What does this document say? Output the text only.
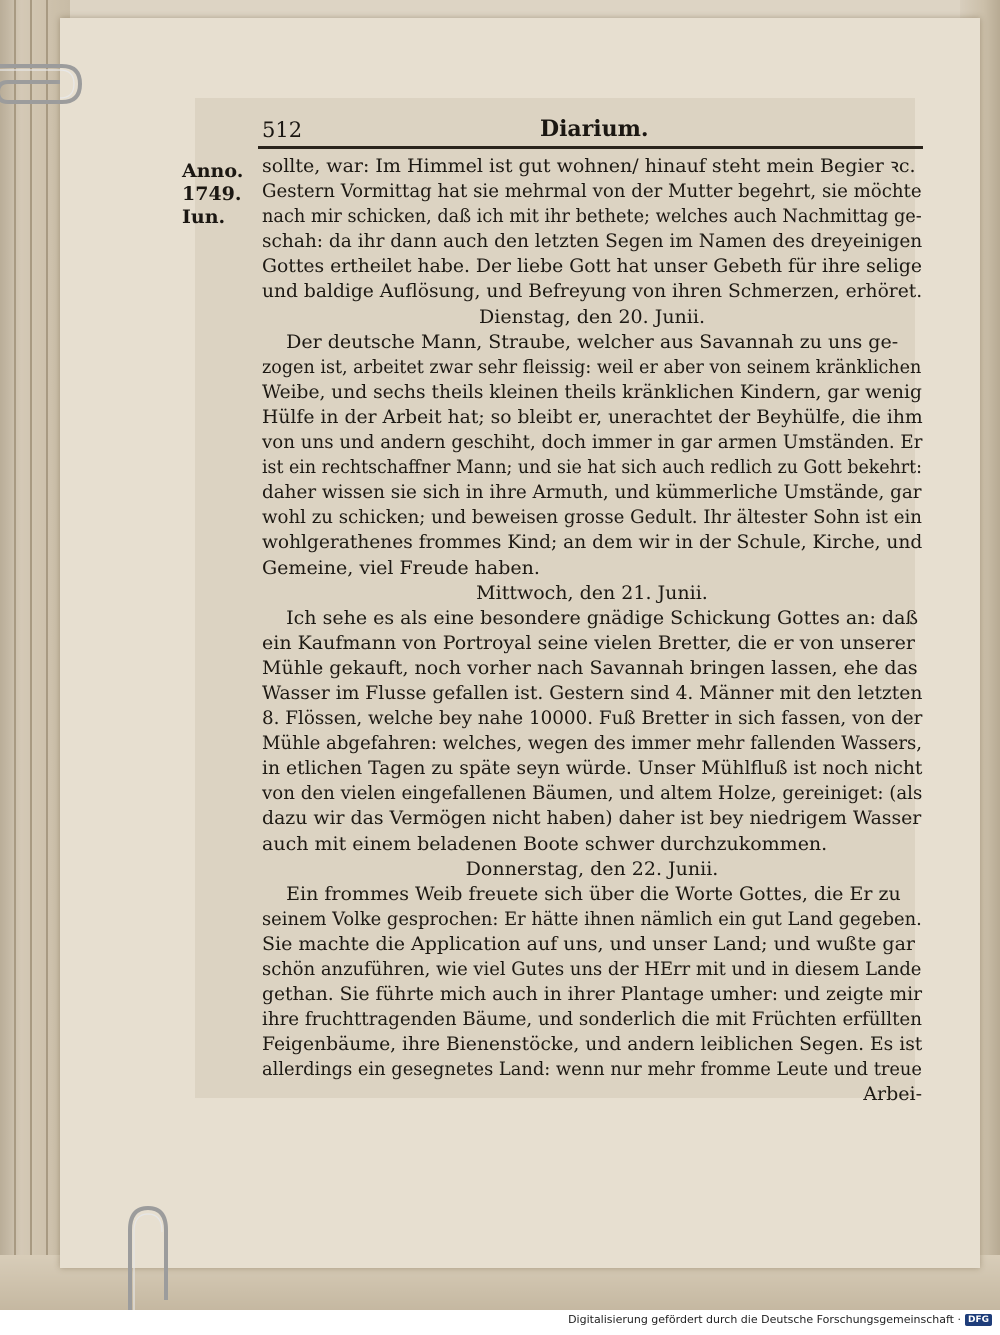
512	Diarium.
Anno.
1749.
Iun.
sollte, war: Im Himmel ist gut wohnen/ hinauf steht mein Begier ꝛc.
Gestern Vormittag hat sie mehrmal von der Mutter begehrt, sie möchte
nach mir schicken, daß ich mit ihr bethete; welches auch Nachmittag ge-
schah: da ihr dann auch den letzten Segen im Namen des dreyeinigen
Gottes ertheilet habe. Der liebe Gott hat unser Gebeth für ihre selige
und baldige Auflösung, und Befreyung von ihren Schmerzen, erhöret.
Dienstag, den 20. Junii.
Der deutsche Mann, Straube, welcher aus Savannah zu uns ge-
zogen ist, arbeitet zwar sehr fleissig: weil er aber von seinem kränklichen
Weibe, und sechs theils kleinen theils kränklichen Kindern, gar wenig
Hülfe in der Arbeit hat; so bleibt er, unerachtet der Beyhülfe, die ihm
von uns und andern geschiht, doch immer in gar armen Umständen. Er
ist ein rechtschaffner Mann; und sie hat sich auch redlich zu Gott bekehrt:
daher wissen sie sich in ihre Armuth, und kümmerliche Umstände, gar
wohl zu schicken; und beweisen grosse Gedult. Ihr ältester Sohn ist ein
wohlgerathenes frommes Kind; an dem wir in der Schule, Kirche, und
Gemeine, viel Freude haben.
Mittwoch, den 21. Junii.
Ich sehe es als eine besondere gnädige Schickung Gottes an: daß
ein Kaufmann von Portroyal seine vielen Bretter, die er von unserer
Mühle gekauft, noch vorher nach Savannah bringen lassen, ehe das
Wasser im Flusse gefallen ist. Gestern sind 4. Männer mit den letzten
8. Flössen, welche bey nahe 10000. Fuß Bretter in sich fassen, von der
Mühle abgefahren: welches, wegen des immer mehr fallenden Wassers,
in etlichen Tagen zu späte seyn würde. Unser Mühlfluß ist noch nicht
von den vielen eingefallenen Bäumen, und altem Holze, gereiniget: (als
dazu wir das Vermögen nicht haben) daher ist bey niedrigem Wasser
auch mit einem beladenen Boote schwer durchzukommen.
Donnerstag, den 22. Junii.
Ein frommes Weib freuete sich über die Worte Gottes, die Er zu
seinem Volke gesprochen: Er hätte ihnen nämlich ein gut Land gegeben.
Sie machte die Application auf uns, und unser Land; und wußte gar
schön anzuführen, wie viel Gutes uns der HErr mit und in diesem Lande
gethan. Sie führte mich auch in ihrer Plantage umher: und zeigte mir
ihre fruchttragenden Bäume, und sonderlich die mit Früchten erfüllten
Feigenbäume, ihre Bienenstöcke, und andern leiblichen Segen. Es ist
allerdings ein gesegnetes Land: wenn nur mehr fromme Leute und treue
Arbei-
Digitalisierung gefördert durch die Deutsche Forschungsgemeinschaft · DFG
